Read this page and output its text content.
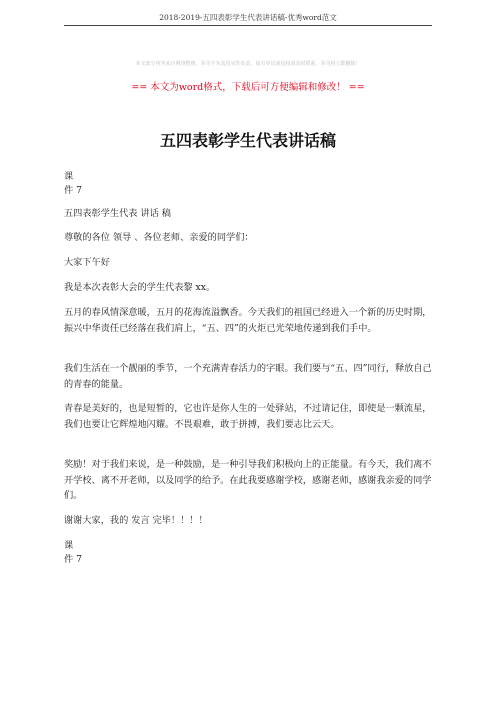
2018-2019-五四表彰学生代表讲话稿-优秀word范文
本文部分内容来自网络整理，本司不为其真实性负责，如有异议或侵权请及时联系，本司将立即删除！
== 本文为word格式，下载后可方便编辑和修改！ ==
五四表彰学生代表讲话稿

课

件 7

五四表彰学生代表 讲话 稿

尊敬的各位 领导 、各位老师、亲爱的同学们：

大家下午好

我是本次表彰大会的学生代表黎 xx。

五月的春风情深意暖，五月的花海流溢飘香。今天我们的祖国已经进入一个新的历史时期，振兴中华责任已经落在我们肩上，“五、四”的火炬已光荣地传递到我们手中。

我们生活在一个靓丽的季节，一个充满青春活力的字眼。我们要与“五、四”同行，释放自己的青春的能量。

青春是美好的，也是短暂的，它也许是你人生的一处驿站，不过请记住，即使是一颗流星，我们也要让它辉煌地闪耀。不畏艰难，敢于拼搏，我们要志比云天。

奖励！对于我们来说，是一种鼓励，是一种引导我们积极向上的正能量。有今天，我们离不开学校、离不开老师，以及同学的给予。在此我要感谢学校，感谢老师，感谢我亲爱的同学们。

谢谢大家，我的 发言 完毕！！！！

课

件 7
